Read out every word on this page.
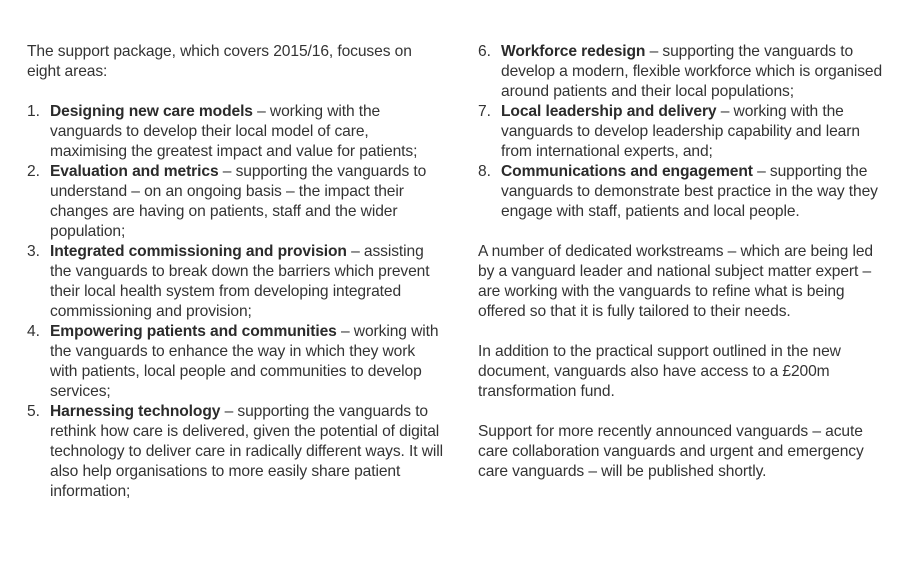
The support package, which covers 2015/16, focuses on eight areas:

1. Designing new care models – working with the vanguards to develop their local model of care, maximising the greatest impact and value for patients;
2. Evaluation and metrics – supporting the vanguards to understand – on an ongoing basis – the impact their changes are having on patients, staff and the wider population;
3. Integrated commissioning and provision – assisting the vanguards to break down the barriers which prevent their local health system from developing integrated commissioning and provision;
4. Empowering patients and communities – working with the vanguards to enhance the way in which they work with patients, local people and communities to develop services;
5. Harnessing technology – supporting the vanguards to rethink how care is delivered, given the potential of digital technology to deliver care in radically different ways. It will also help organisations to more easily share patient information;
6. Workforce redesign – supporting the vanguards to develop a modern, flexible workforce which is organised around patients and their local populations;
7. Local leadership and delivery – working with the vanguards to develop leadership capability and learn from international experts, and;
8. Communications and engagement – supporting the vanguards to demonstrate best practice in the way they engage with staff, patients and local people.

A number of dedicated workstreams – which are being led by a vanguard leader and national subject matter expert – are working with the vanguards to refine what is being offered so that it is fully tailored to their needs.

In addition to the practical support outlined in the new document, vanguards also have access to a £200m transformation fund.

Support for more recently announced vanguards – acute care collaboration vanguards and urgent and emergency care vanguards – will be published shortly.
